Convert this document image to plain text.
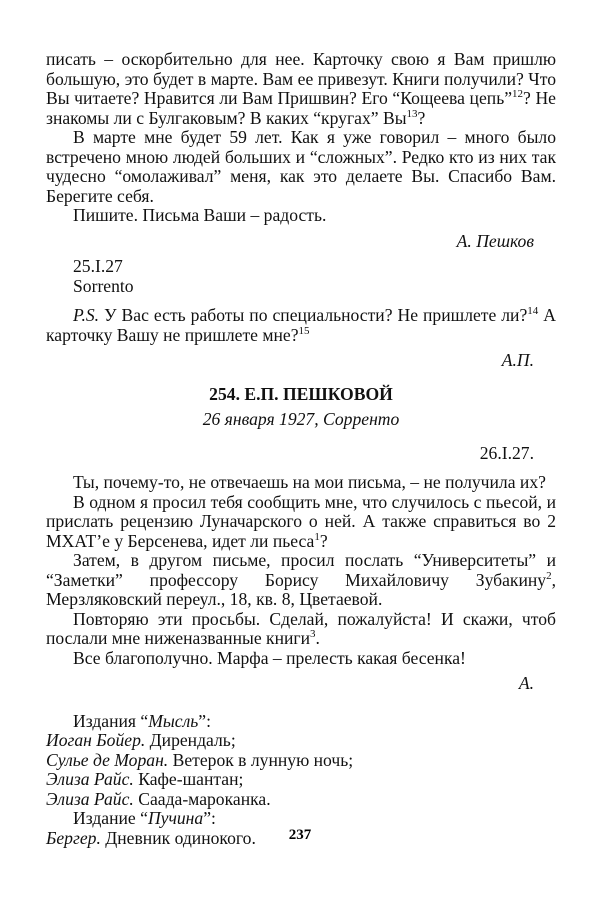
писать – оскорбительно для нее. Карточку свою я Вам пришлю большую, это будет в марте. Вам ее привезут. Книги получили? Что Вы читаете? Нравится ли Вам Пришвин? Его “Кощеева цепь”$^{12}$? Не знакомы ли с Булгаковым? В каких “кругах” $Вы^{13}$?

В марте мне будет 59 лет. Как я уже говорил – много было встречено мною людей больших и “сложных”. Редко кто из них так чудесно “омолаживал” меня, как это делаете Вы. Спасибо Вам. Берегите себя.

Пишите. Письма Ваши – радость.

А. Пешков

25.I.27

Sorrento

P.S. У Вас есть работы по специальности? Не пришлете ли?$^{14}$ А карточку Вашу не пришлете мне?$^{15}$

А.П.

254. Е.П. ПЕШКОВОЙ

26 января 1927, Сорренто

26.I.27.

Ты, почему-то, не отвечаешь на мои письма, – не получила их?

В одном я просил тебя сообщить мне, что случилось с пьесой, и прислать рецензию Луначарского о ней. А также справиться во 2 МХАТ’е у Берсенева, идет ли пьеса$^1$?

Затем, в другом письме, просил послать “Университеты” и “Заметки” профессору Борису Михайловичу Зубакину$^2$, Мерзляковский переул., 18, кв. 8, Цветаевой.

Повторяю эти просьбы. Сделай, пожалуйста! И скажи, чтоб послали мне ниженазванные книги$^3$.

Все благополучно. Марфа – прелесть какая бесенка!

А.

Издания “Мысль”:

Иоган Бойер. Дирендаль;

Сулье де Моран. Ветерок в лунную ночь;

Элиза Райс. Кафе-шантан;

Элиза Райс. Саада-мароканка.

Издание “Пучина”:

Бергер. Дневник одинокого.	237
